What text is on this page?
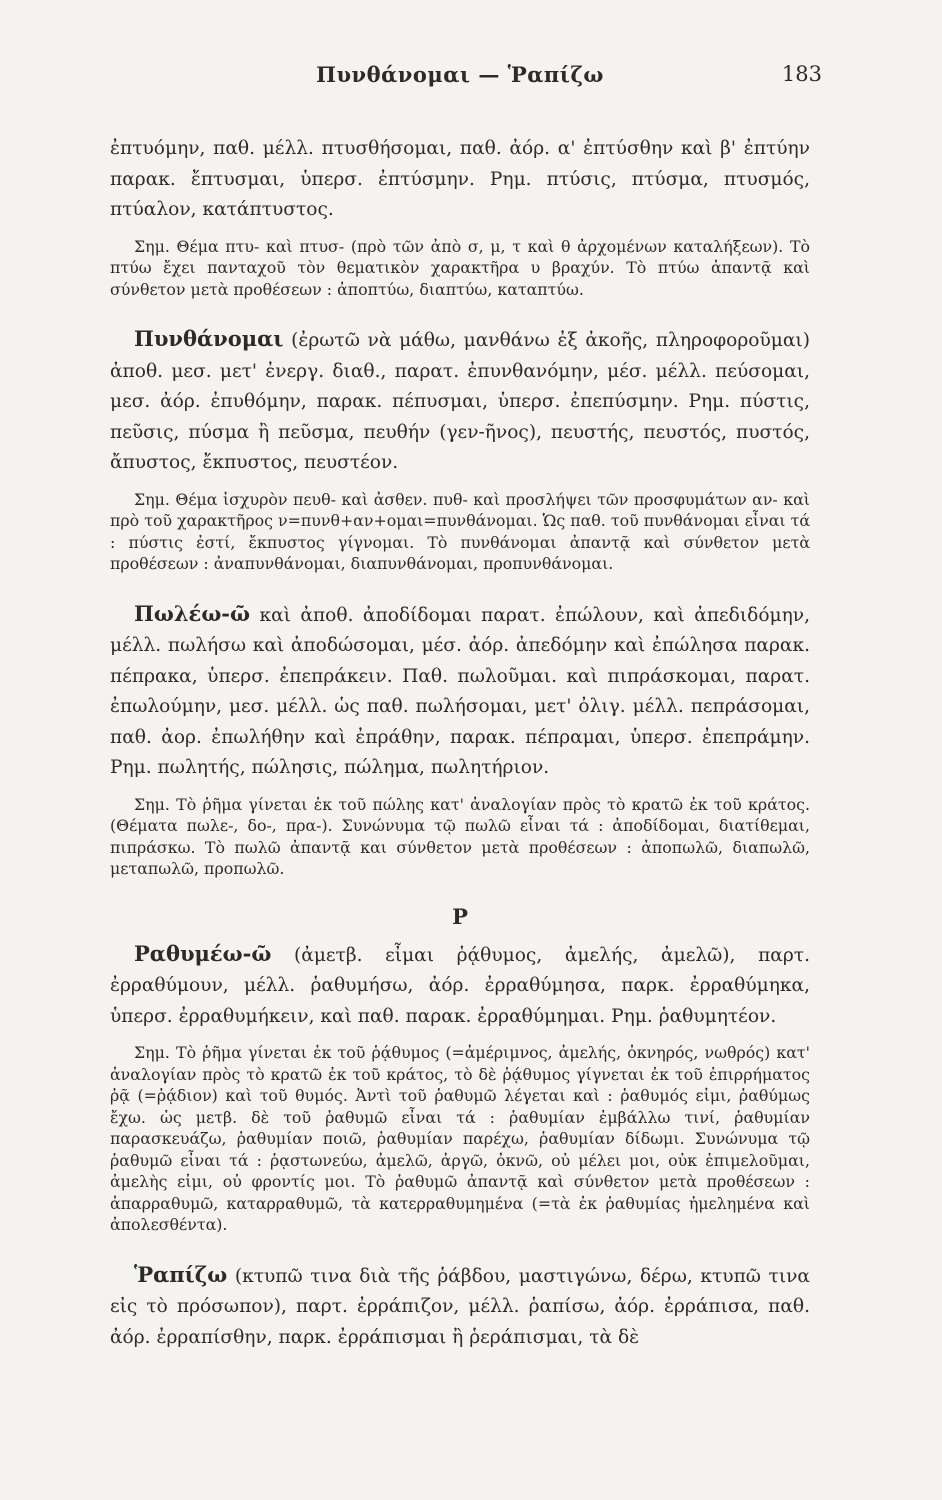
Πυνθάνομαι — Ῥαπίζω	183

ἐπτυόμην, παθ. μέλλ. πτυσθήσομαι, παθ. ἀόρ. α' ἐπτύσθην καὶ β' ἐπτύην παρακ. ἔπτυσμαι, ὑπερσ. ἐπτύσμην. Ρημ. πτύσις, πτύσμα, πτυσμός, πτύαλον, κατάπτυστος.

Σημ. Θέμα πτυ- καὶ πτυσ- (πρὸ τῶν ἀπὸ σ, μ, τ καὶ θ ἀρχομένων καταλήξεων). Τὸ πτύω ἔχει πανταχοῦ τὸν θεματικὸν χαρακτῆρα υ βραχύν. Τὸ πτύω ἀπαντᾷ καὶ σύνθετον μετὰ προθέσεων : ἀποπτύω, διαπτύω, καταπτύω.

Πυνθάνομαι (ἐρωτῶ νὰ μάθω, μανθάνω ἐξ ἀκοῆς, πληροφοροῦμαι) ἀποθ. μεσ. μετ' ἐνεργ. διαθ., παρατ. ἐπυνθανόμην, μέσ. μέλλ. πεύσομαι, μεσ. ἀόρ. ἐπυθόμην, παρακ. πέπυσμαι, ὑπερσ. ἐπεπύσμην. Ρημ. πύστις, πεῦσις, πύσμα ἢ πεῦσμα, πευθήν (γεν-ῆνος), πευστής, πευστός, πυστός, ἄπυστος, ἔκπυστος, πευστέον.

Σημ. Θέμα ἰσχυρὸν πευθ- καὶ ἀσθεν. πυθ- καὶ προσλήψει τῶν προσφυμάτων αν- καὶ πρὸ τοῦ χαρακτῆρος ν=πυνθ+αν+ομαι=πυνθάνομαι. Ὡς παθ. τοῦ πυνθάνομαι εἶναι τά : πύστις ἐστί, ἔκπυστος γίγνομαι. Τὸ πυνθάνομαι ἀπαντᾷ καὶ σύνθετον μετὰ προθέσεων : ἀναπυνθάνομαι, διαπυνθάνομαι, προπυνθάνομαι.

Πωλέω-ῶ καὶ ἀποθ. ἀποδίδομαι παρατ. ἐπώλουν, καὶ ἀπεδιδόμην, μέλλ. πωλήσω καὶ ἀποδώσομαι, μέσ. ἀόρ. ἀπεδόμην καὶ ἐπώλησα παρακ. πέπρακα, ὑπερσ. ἐπεπράκειν. Παθ. πωλοῦμαι. καὶ πιπράσκομαι, παρατ. ἐπωλούμην, μεσ. μέλλ. ὡς παθ. πωλήσομαι, μετ' ὀλιγ. μέλλ. πεπράσομαι, παθ. ἀορ. ἐπωλήθην καὶ ἐπράθην, παρακ. πέπραμαι, ὑπερσ. ἐπεπράμην. Ρημ. πωλητής, πώλησις, πώλημα, πωλητήριον.

Σημ. Τὸ ῥῆμα γίνεται ἐκ τοῦ πώλης κατ' ἀναλογίαν πρὸς τὸ κρατῶ ἐκ τοῦ κράτος. (Θέματα πωλε-, δο-, πρα-). Συνώνυμα τῷ πωλῶ εἶναι τά : ἀποδίδομαι, διατίθεμαι, πιπράσκω. Τὸ πωλῶ ἀπαντᾷ και σύνθετον μετὰ προθέσεων : ἀποπωλῶ, διαπωλῶ, μεταπωλῶ, προπωλῶ.

Ρ

Ραθυμέω-ῶ (ἀμετβ. εἶμαι ῥᾴθυμος, ἀμελής, ἀμελῶ), παρτ. ἐρραθύμουν, μέλλ. ῥαθυμήσω, ἀόρ. ἐρραθύμησα, παρκ. ἐρραθύμηκα, ὑπερσ. ἐρραθυμήκειν, καὶ παθ. παρακ. ἐρραθύμημαι. Ρημ. ῥαθυμητέον.

Σημ. Τὸ ῥῆμα γίνεται ἐκ τοῦ ῥᾴθυμος (=ἀμέριμνος, ἀμελής, ὀκνηρός, νωθρός) κατ' ἀναλογίαν πρὸς τὸ κρατῶ ἐκ τοῦ κράτος, τὸ δὲ ῥᾴθυμος γίγνεται ἐκ τοῦ ἐπιρρήματος ῥᾷ (=ῥᾴδιον) καὶ τοῦ θυμός. Ἀντὶ τοῦ ῥαθυμῶ λέγεται καὶ : ῥαθυμός εἰμι, ῥαθύμως ἔχω. ὡς μετβ. δὲ τοῦ ῥαθυμῶ εἶναι τά : ῥαθυμίαν ἐμβάλλω τινί, ῥαθυμίαν παρασκευάζω, ῥαθυμίαν ποιῶ, ῥαθυμίαν παρέχω, ῥαθυμίαν δίδωμι. Συνώνυμα τῷ ῥαθυμῶ εἶναι τά : ῥᾳστωνεύω, ἀμελῶ, ἀργῶ, ὀκνῶ, οὐ μέλει μοι, οὐκ ἐπιμελοῦμαι, ἀμελὴς εἰμι, οὐ φροντίς μοι. Τὸ ῥαθυμῶ ἀπαντᾷ καὶ σύνθετον μετὰ προθέσεων : ἀπαρραθυμῶ, καταρραθυμῶ, τὰ κατερραθυμημένα (=τὰ ἐκ ῥαθυμίας ἠμελημένα καὶ ἀπολεσθέντα).

Ῥαπίζω (κτυπῶ τινα διὰ τῆς ῥάβδου, μαστιγώνω, δέρω, κτυπῶ τινα εἰς τὸ πρόσωπον), παρτ. ἐρράπιζον, μέλλ. ῥαπίσω, ἀόρ. ἐρράπισα, παθ. ἀόρ. ἐρραπίσθην, παρκ. ἐρράπισμαι ἢ ῥεράπισμαι, τὰ δὲ
